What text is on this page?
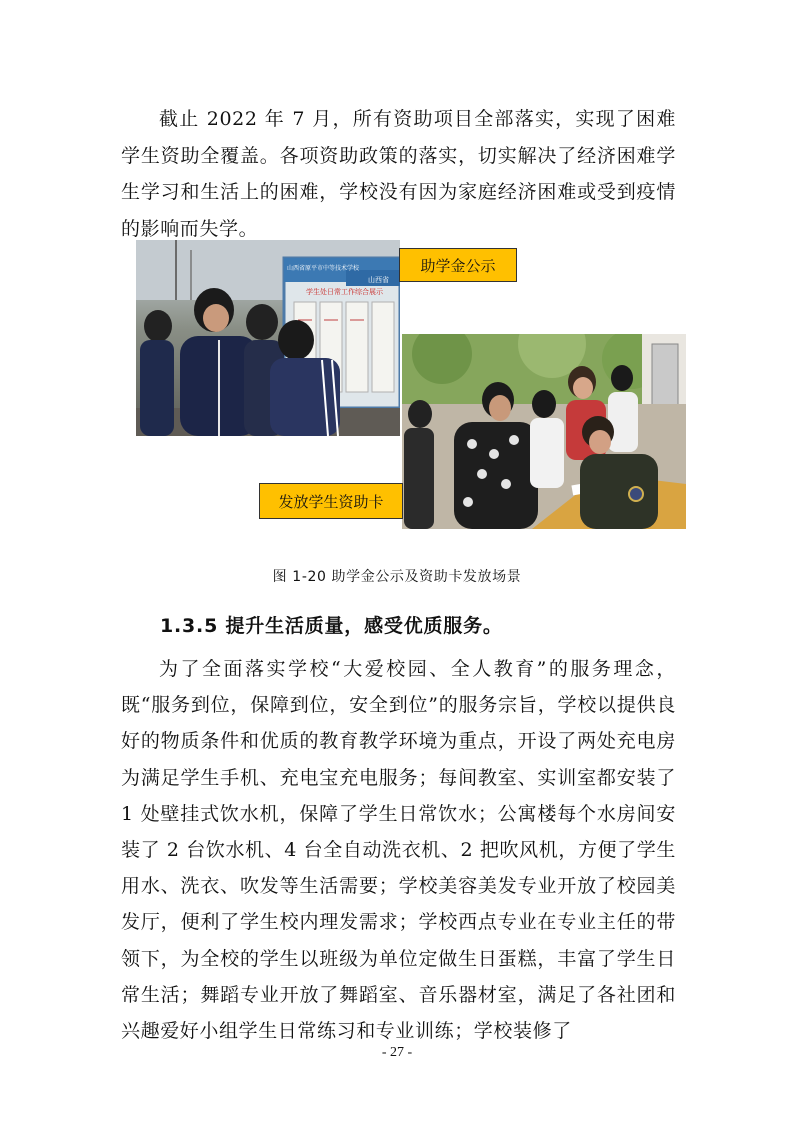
截止 2022 年 7 月，所有资助项目全部落实，实现了困难学生资助全覆盖。各项资助政策的落实，切实解决了经济困难学生学习和生活上的困难，学校没有因为家庭经济困难或受到疫情的影响而失学。

山西省原平市中等技术学校
学生处日常工作综合展示
山西省
助学金公示
发放学生资助卡
图 1-20 助学金公示及资助卡发放场景
1.3.5 提升生活质量，感受优质服务。

为了全面落实学校“大爱校园、全人教育”的服务理念，既“服务到位，保障到位，安全到位”的服务宗旨，学校以提供良好的物质条件和优质的教育教学环境为重点，开设了两处充电房为满足学生手机、充电宝充电服务；每间教室、实训室都安装了 1 处壁挂式饮水机，保障了学生日常饮水；公寓楼每个水房间安装了 2 台饮水机、4 台全自动洗衣机、2 把吹风机，方便了学生用水、洗衣、吹发等生活需要；学校美容美发专业开放了校园美发厅，便利了学生校内理发需求；学校西点专业在专业主任的带领下，为全校的学生以班级为单位定做生日蛋糕，丰富了学生日常生活；舞蹈专业开放了舞蹈室、音乐器材室，满足了各社团和兴趣爱好小组学生日常练习和专业训练；学校装修了

- 27 -
